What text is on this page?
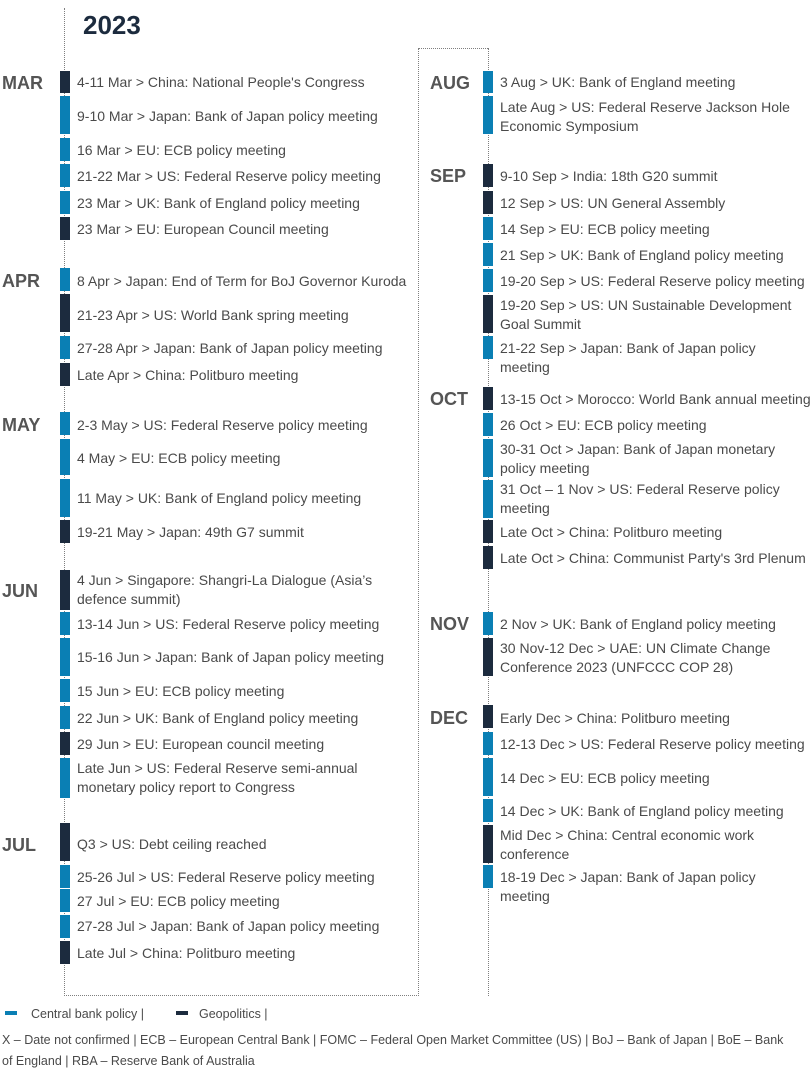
2023
MAR
APR
MAY
JUN
JUL
AUG
SEP
OCT
NOV
DEC
4-11 Mar > China: National People's Congress
9-10 Mar > Japan: Bank of Japan policy meeting
16 Mar > EU: ECB policy meeting
21-22 Mar > US: Federal Reserve policy meeting
23 Mar > UK: Bank of England policy meeting
23 Mar > EU: European Council meeting
8 Apr > Japan: End of Term for BoJ Governor Kuroda
21-23 Apr > US: World Bank spring meeting
27-28 Apr > Japan: Bank of Japan policy meeting
Late Apr > China: Politburo meeting
2-3 May > US: Federal Reserve policy meeting
4 May > EU: ECB policy meeting
11 May > UK: Bank of England policy meeting
19-21 May > Japan: 49th G7 summit
4 Jun > Singapore: Shangri-La Dialogue (Asia’s defence summit)
13-14 Jun > US: Federal Reserve policy meeting
15-16 Jun > Japan: Bank of Japan policy meeting
15 Jun > EU: ECB policy meeting
22 Jun > UK: Bank of England policy meeting
29 Jun > EU: European council meeting
Late Jun > US: Federal Reserve semi-annual monetary policy report to Congress
Q3 > US: Debt ceiling reached
25-26 Jul > US: Federal Reserve policy meeting
27 Jul > EU: ECB policy meeting
27-28 Jul > Japan: Bank of Japan policy meeting
Late Jul > China: Politburo meeting
3 Aug > UK: Bank of England meeting
Late Aug > US: Federal Reserve Jackson Hole Economic Symposium
9-10 Sep > India: 18th G20 summit
12 Sep > US: UN General Assembly
14 Sep > EU: ECB policy meeting
21 Sep > UK: Bank of England policy meeting
19-20 Sep > US: Federal Reserve policy meeting
19-20 Sep > US: UN Sustainable Development Goal Summit
21-22 Sep > Japan: Bank of Japan policy meeting
13-15 Oct > Morocco: World Bank annual meeting
26 Oct > EU: ECB policy meeting
30-31 Oct > Japan: Bank of Japan monetary policy meeting
31 Oct – 1 Nov > US: Federal Reserve policy meeting
Late Oct > China: Politburo meeting
Late Oct > China: Communist Party's 3rd Plenum
2 Nov > UK: Bank of England policy meeting
30 Nov-12 Dec > UAE: UN Climate Change Conference 2023 (UNFCCC COP 28)
Early Dec > China: Politburo meeting
12-13 Dec > US: Federal Reserve policy meeting
14 Dec > EU: ECB policy meeting
14 Dec > UK: Bank of England policy meeting
Mid Dec > China: Central economic work conference
18-19 Dec > Japan: Bank of Japan policy meeting
Central bank policy |	Geopolitics |
X – Date not confirmed | ECB – European Central Bank | FOMC – Federal Open Market Committee (US) | BoJ – Bank of Japan | BoE – Bank
of England | RBA – Reserve Bank of Australia
